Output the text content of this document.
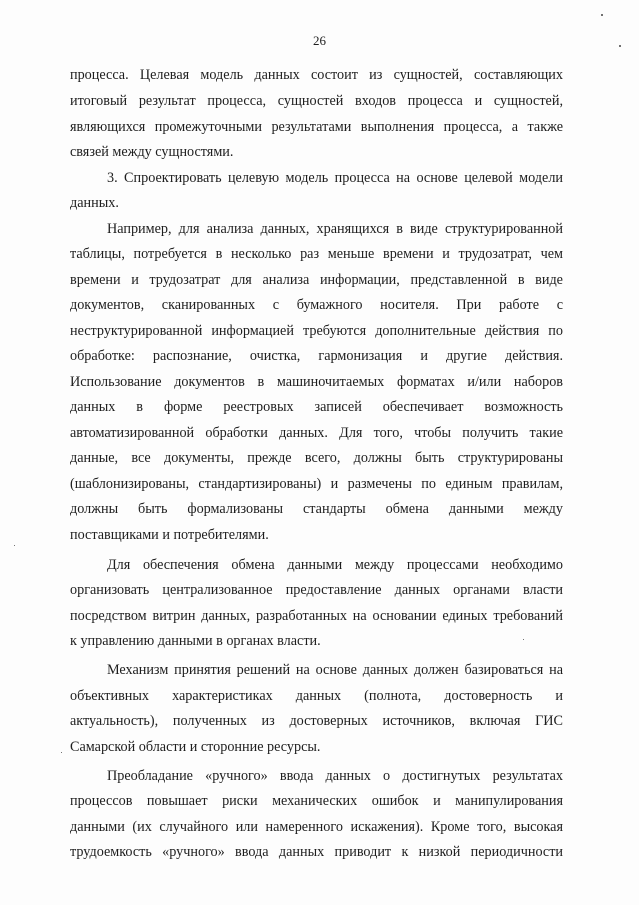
26
процесса. Целевая модель данных состоит из сущностей, составляющих
итоговый результат процесса, сущностей входов процесса и сущностей,
являющихся промежуточными результатами выполнения процесса, а также
связей между сущностями.
3. Спроектировать целевую модель процесса на основе целевой модели
данных.
Например, для анализа данных, хранящихся в виде структурированной
таблицы, потребуется в несколько раз меньше времени и трудозатрат, чем
времени и трудозатрат для анализа информации, представленной в виде
документов, сканированных с бумажного носителя. При работе с
неструктурированной информацией требуются дополнительные действия по
обработке: распознание, очистка, гармонизация и другие действия.
Использование документов в машиночитаемых форматах и/или наборов
данных в форме реестровых записей обеспечивает возможность
автоматизированной обработки данных. Для того, чтобы получить такие
данные, все документы, прежде всего, должны быть структурированы
(шаблонизированы, стандартизированы) и размечены по единым правилам,
должны быть формализованы стандарты обмена данными между
поставщиками и потребителями.
Для обеспечения обмена данными между процессами необходимо
организовать централизованное предоставление данных органами власти
посредством витрин данных, разработанных на основании единых требований
к управлению данными в органах власти.
Механизм принятия решений на основе данных должен базироваться на
объективных характеристиках данных (полнота, достоверность и
актуальность), полученных из достоверных источников, включая ГИС
Самарской области и сторонние ресурсы.
Преобладание «ручного» ввода данных о достигнутых результатах
процессов повышает риски механических ошибок и манипулирования
данными (их случайного или намеренного искажения). Кроме того, высокая
трудоемкость «ручного» ввода данных приводит к низкой периодичности
